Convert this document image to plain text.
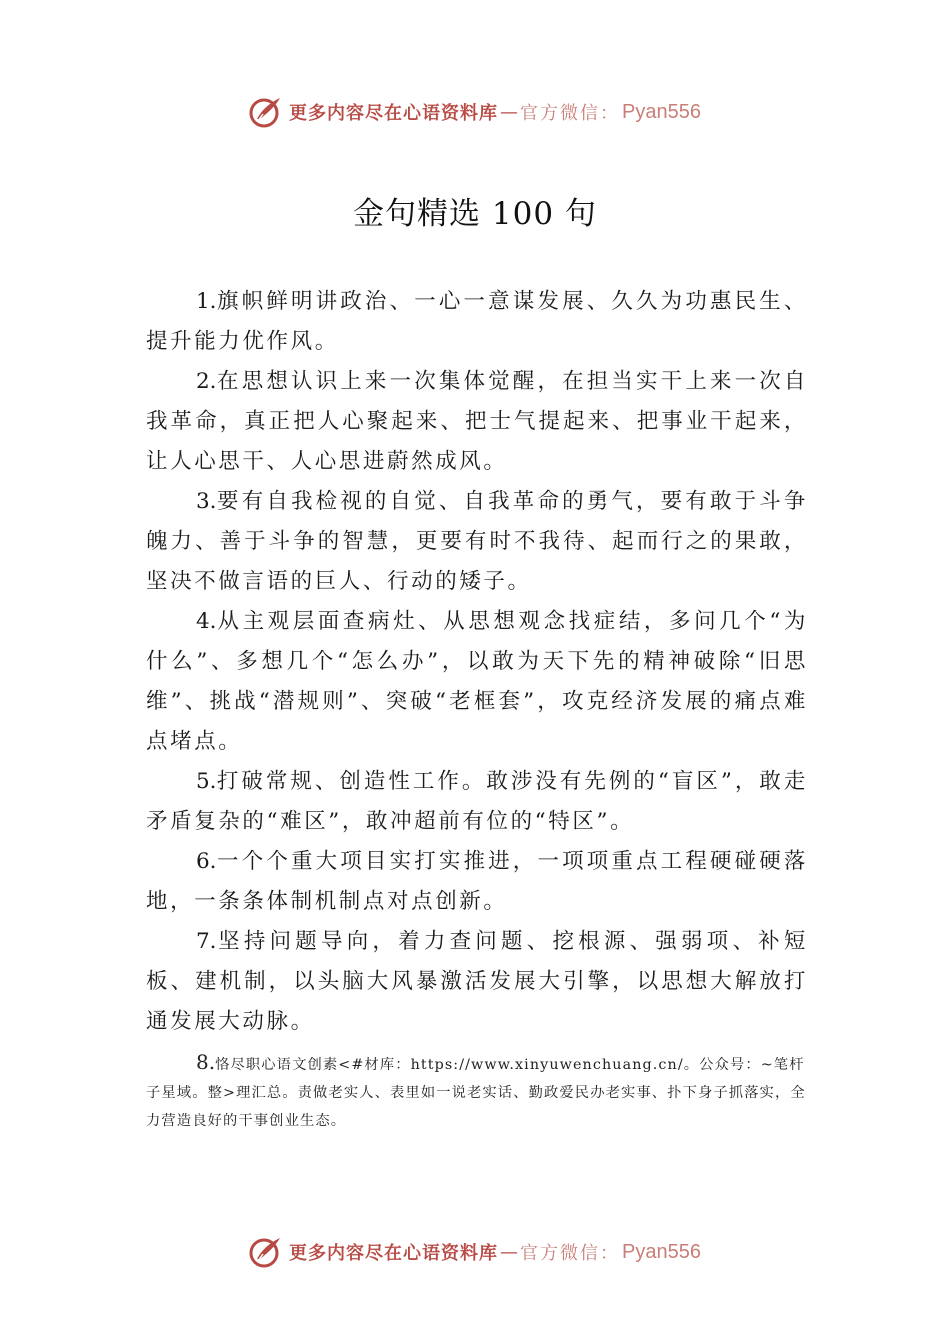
更多内容尽在心语资料库 — 官方微信： Pyan556
金句精选 100 句

1.旗帜鲜明讲政治、一心一意谋发展、久久为功惠民生、提升能力优作风。

2.在思想认识上来一次集体觉醒，在担当实干上来一次自我革命，真正把人心聚起来、把士气提起来、把事业干起来，让人心思干、人心思进蔚然成风。

3.要有自我检视的自觉、自我革命的勇气，要有敢于斗争魄力、善于斗争的智慧，更要有时不我待、起而行之的果敢，坚决不做言语的巨人、行动的矮子。

4.从主观层面查病灶、从思想观念找症结，多问几个“为什么”、多想几个“怎么办”，以敢为天下先的精神破除“旧思维”、挑战“潜规则”、突破“老框套”，攻克经济发展的痛点难点堵点。

5.打破常规、创造性工作。敢涉没有先例的“盲区”，敢走矛盾复杂的“难区”，敢冲超前有位的“特区”。

6.一个个重大项目实打实推进，一项项重点工程硬碰硬落地，一条条体制机制点对点创新。

7.坚持问题导向，着力查问题、挖根源、强弱项、补短板、建机制，以头脑大风暴激活发展大引擎，以思想大解放打通发展大动脉。

8.恪尽职心语文创素<#材库：https://www.xinyuwenchuang.cn/。公众号：~笔杆子星域。整>理汇总。责做老实人、表里如一说老实话、勤政爱民办老实事、扑下身子抓落实，全力营造良好的干事创业生态。

更多内容尽在心语资料库 — 官方微信： Pyan556
